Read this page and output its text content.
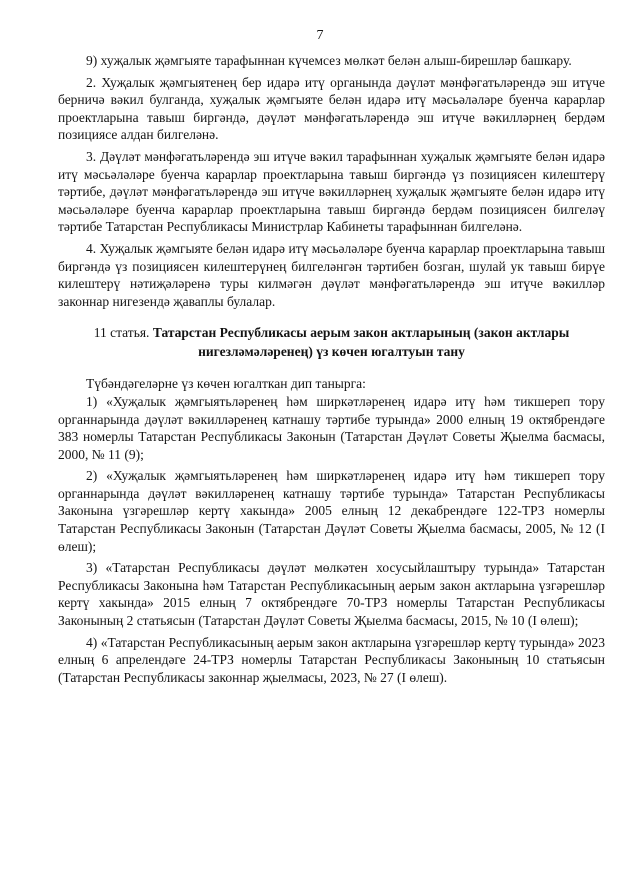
7

9) хуҗалык җәмгыяте тарафыннан күчемсез мөлкәт белән алыш-бирешләр башкару.

2. Хуҗалык җәмгыятенең бер идарә итү органында дәүләт мәнфәгатьләрендә эш итүче берничә вәкил булганда, хуҗалык җәмгыяте белән идарә итү мәсьәләләре буенча карарлар проектларына тавыш биргәндә, дәүләт мәнфәгатьләрендә эш итүче вәкилләрнең бердәм позициясе алдан билгеләнә.

3. Дәүләт мәнфәгатьләрендә эш итүче вәкил тарафыннан хуҗалык җәмгыяте белән идарә итү мәсьәләләре буенча карарлар проектларына тавыш биргәндә үз позициясен килештерү тәртибе, дәүләт мәнфәгатьләрендә эш итүче вәкилләрнең хуҗалык җәмгыяте белән идарә итү мәсьәләләре буенча карарлар проектларына тавыш биргәндә бердәм позициясен билгеләү тәртибе Татарстан Республикасы Министрлар Кабинеты тарафыннан билгеләнә.

4. Хуҗалык җәмгыяте белән идарә итү мәсьәләләре буенча карарлар проектларына тавыш биргәндә үз позициясен килештерүнең билгеләнгән тәртибен бозган, шулай ук тавыш бирүе килештерү нәтиҗәләренә туры килмәгән дәүләт мәнфәгатьләрендә эш итүче вәкилләр законнар нигезендә җаваплы булалар.

11 статья. Татарстан Республикасы аерым закон актларының (закон актлары нигезләмәләренең) үз көчен югалтуын тану

Түбәндәгеләрне үз көчен югалткан дип танырга:

1) «Хуҗалык җәмгыятьләренең һәм ширкәтләренең идарә итү һәм тикшереп тору органнарында дәүләт вәкилләренең катнашу тәртибе турында» 2000 елның 19 октябрендәге 383 номерлы Татарстан Республикасы Законын (Татарстан Дәүләт Советы Җыелма басмасы, 2000, № 11 (9);

2) «Хуҗалык җәмгыятьләренең һәм ширкәтләренең идарә итү һәм тикшереп тору органнарында дәүләт вәкилләренең катнашу тәртибе турында» Татарстан Республикасы Законына үзгәрешләр кертү хакында» 2005 елның 12 декабрендәге 122-ТРЗ номерлы Татарстан Республикасы Законын (Татарстан Дәүләт Советы Җыелма басмасы, 2005, № 12 (I өлеш);

3) «Татарстан Республикасы дәүләт мөлкәтен хосусыйлаштыру турында» Татарстан Республикасы Законына һәм Татарстан Республикасының аерым закон актларына үзгәрешләр кертү хакында» 2015 елның 7 октябрендәге 70-ТРЗ номерлы Татарстан Республикасы Законының 2 статьясын (Татарстан Дәүләт Советы Җыелма басмасы, 2015, № 10 (I өлеш);

4) «Татарстан Республикасының аерым закон актларына үзгәрешләр кертү турында» 2023 елның 6 апрелендәге 24-ТРЗ номерлы Татарстан Республикасы Законының 10 статьясын (Татарстан Республикасы законнар җыелмасы, 2023, № 27 (I өлеш).
